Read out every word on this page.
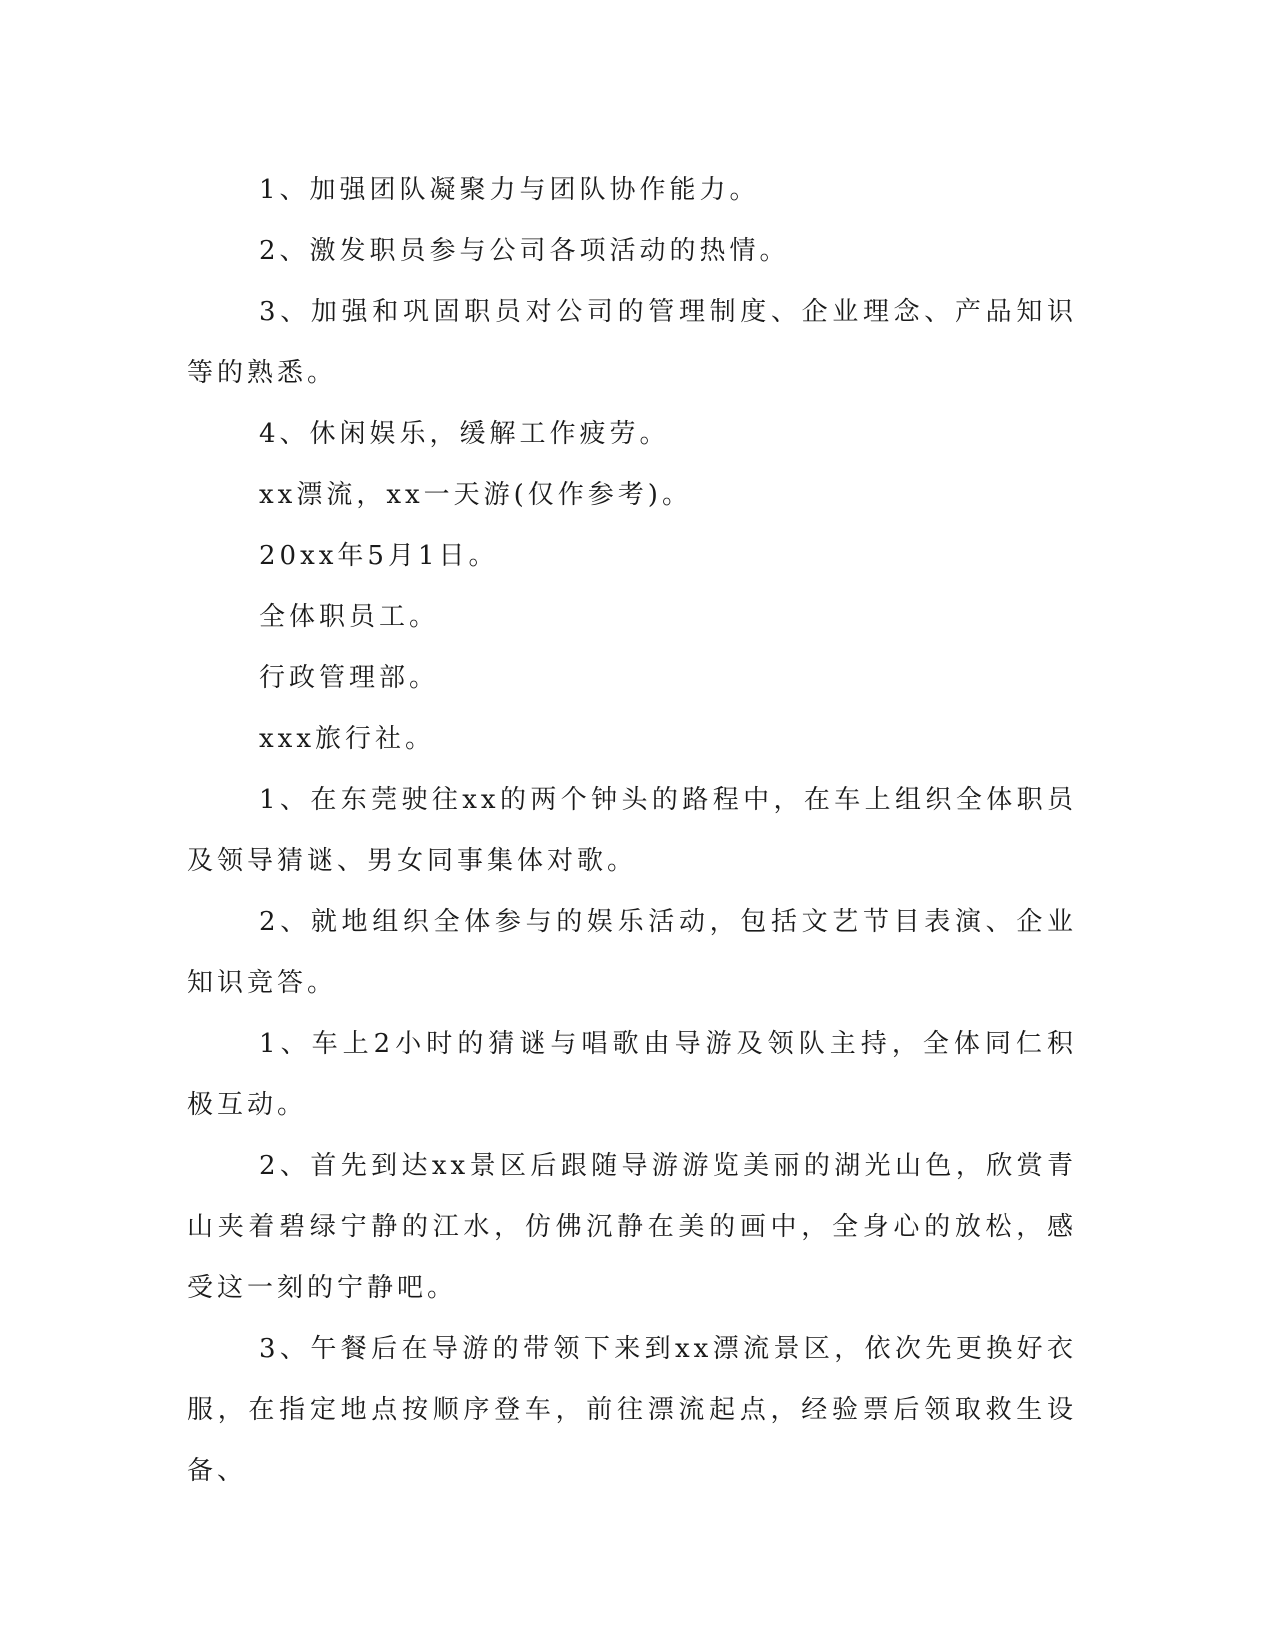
1、加强团队凝聚力与团队协作能力。

2、激发职员参与公司各项活动的热情。

3、加强和巩固职员对公司的管理制度、企业理念、产品知识等的熟悉。

4、休闲娱乐，缓解工作疲劳。

xx漂流，xx一天游(仅作参考)。

20xx年5月1日。

全体职员工。

行政管理部。

xxx旅行社。

1、在东莞驶往xx的两个钟头的路程中，在车上组织全体职员及领导猜谜、男女同事集体对歌。

2、就地组织全体参与的娱乐活动，包括文艺节目表演、企业知识竞答。

1、车上2小时的猜谜与唱歌由导游及领队主持，全体同仁积极互动。

2、首先到达xx景区后跟随导游游览美丽的湖光山色，欣赏青山夹着碧绿宁静的江水，仿佛沉静在美的画中，全身心的放松，感受这一刻的宁静吧。

3、午餐后在导游的带领下来到xx漂流景区，依次先更换好衣服，在指定地点按顺序登车，前往漂流起点，经验票后领取救生设备、
